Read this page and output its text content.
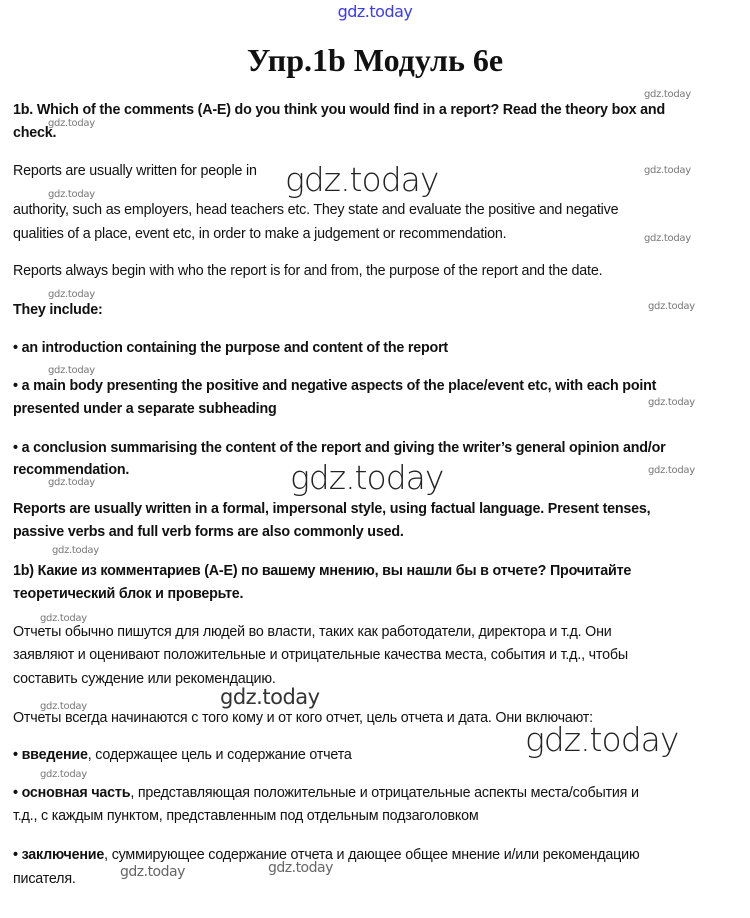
gdz.today
Упр.1b Модуль 6е
1b. Which of the comments (A-E) do you think you would find in a report? Read the theory box and
check.
Reports are usually written for people in
authority, such as employers, head teachers etc. They state and evaluate the positive and negative
qualities of a place, event etc, in order to make a judgement or recommendation.
Reports always begin with who the report is for and from, the purpose of the report and the date.
They include:
• an introduction containing the purpose and content of the report
• a main body presenting the positive and negative aspects of the place/event etc, with each point
presented under a separate subheading
• a conclusion summarising the content of the report and giving the writer’s general opinion and/or
recommendation.
Reports are usually written in a formal, impersonal style, using factual language. Present tenses,
passive verbs and full verb forms are also commonly used.
1b) Какие из комментариев (A-E) по вашему мнению, вы нашли бы в отчете? Прочитайте
теоретический блок и проверьте.
Отчеты обычно пишутся для людей во власти, таких как работодатели, директора и т.д. Они
заявляют и оценивают положительные и отрицательные качества места, события и т.д., чтобы
составить суждение или рекомендацию.
Отчеты всегда начинаются с того кому и от кого отчет, цель отчета и дата. Они включают:
• введение, содержащее цель и содержание отчета
• основная часть, представляющая положительные и отрицательные аспекты места/события и
т.д., с каждым пунктом, представленным под отдельным подзаголовком
• заключение, суммирующее содержание отчета и дающее общее мнение и/или рекомендацию
писателя.
gdz.today
gdz.today
gdz.today
gdz.today
gdz.today
gdz.today
gdz.today
gdz.today
gdz.today
gdz.today
gdz.today
gdz.today
gdz.today
gdz.today
gdz.today
gdz.today
gdz.today
gdz.today
gdz.today
gdz.today	gdz.today
